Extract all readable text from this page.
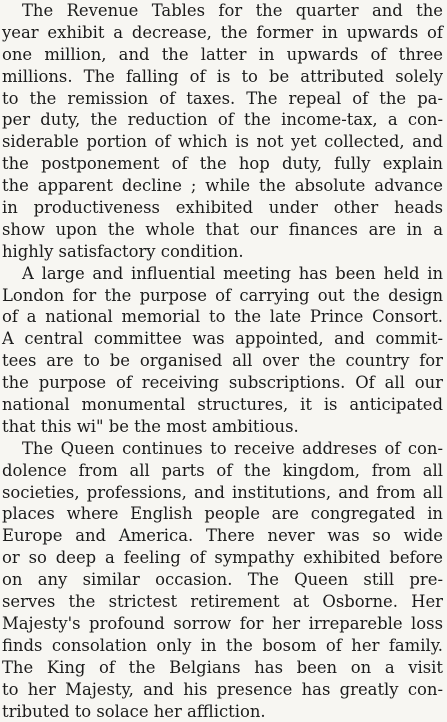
The Revenue Tables for the quarter and the
year exhibit a decrease, the former in upwards of
one million, and the latter in upwards of three
millions. The falling of is to be attributed solely
to the remission of taxes. The repeal of the pa-
per duty, the reduction of the income-tax, a con-
siderable portion of which is not yet collected, and
the postponement of the hop duty, fully explain
the apparent decline ; while the absolute advance
in productiveness exhibited under other heads
show upon the whole that our finances are in a
highly satisfactory condition.
A large and influential meeting has been held in
London for the purpose of carrying out the design
of a national memorial to the late Prince Consort.
A central committee was appointed, and commit-
tees are to be organised all over the country for
the purpose of receiving subscriptions. Of all our
national monumental structures, it is anticipated
that this wi" be the most ambitious.
The Queen continues to receive addreses of con-
dolence from all parts of the kingdom, from all
societies, professions, and institutions, and from all
places where English people are congregated in
Europe and America. There never was so wide
or so deep a feeling of sympathy exhibited before
on any similar occasion. The Queen still pre-
serves the strictest retirement at Osborne. Her
Majesty's profound sorrow for her irrepareble loss
finds consolation only in the bosom of her family.
The King of the Belgians has been on a visit
to her Majesty, and his presence has greatly con-
tributed to solace her affliction.
